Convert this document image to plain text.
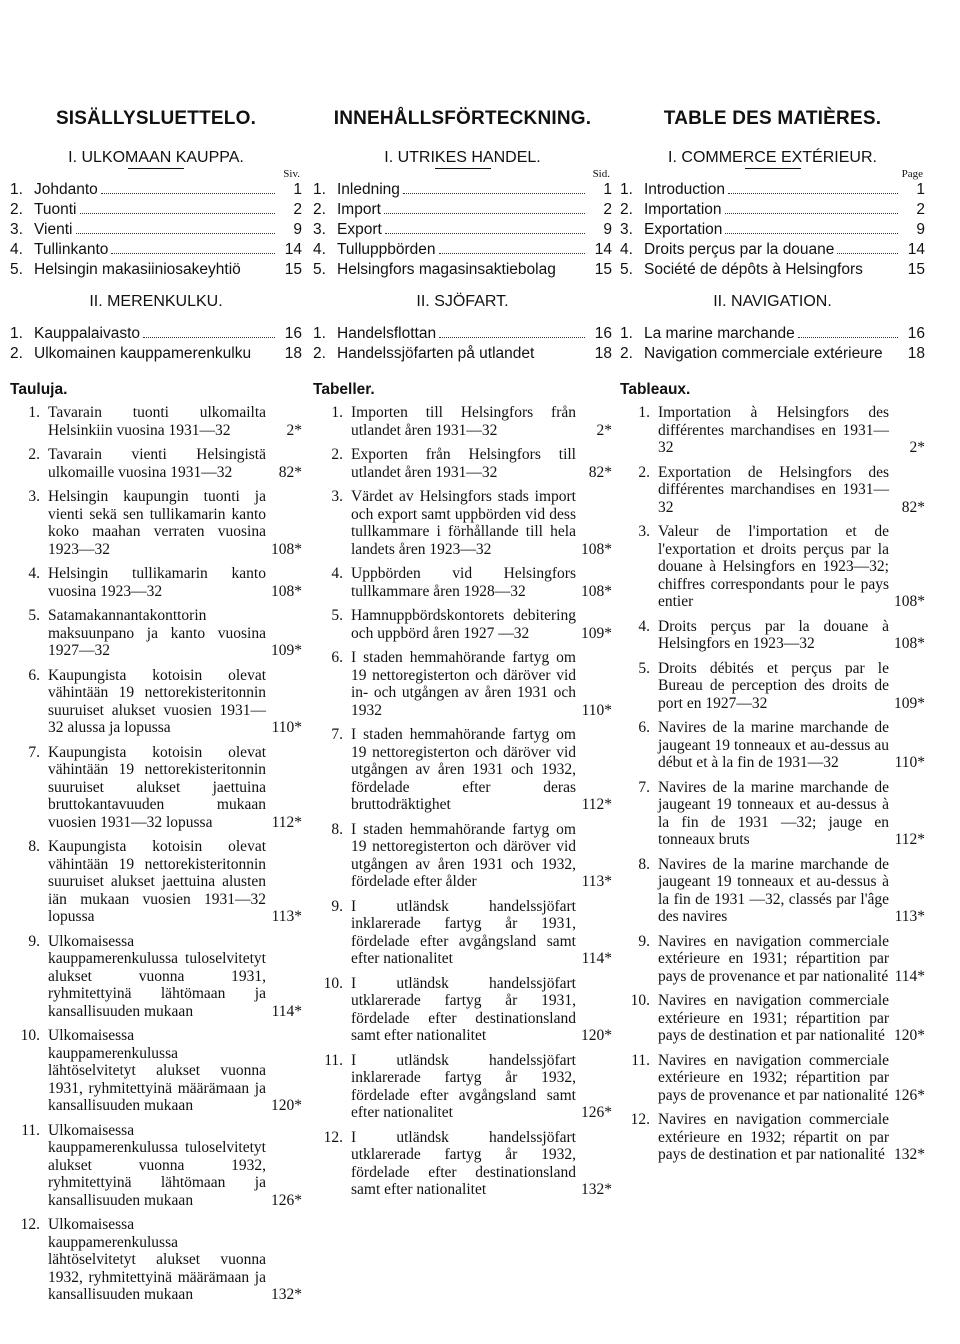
SISÄLLYSLUETTELO.
I. ULKOMAAN KAUPPA.
Siv.
1. Johdanto	1
2. Tuonti	2
3. Vienti	9
4. Tullinkanto	14
5. Helsingin makasiiniosakeyhtiö	15
II. MERENKULKU.
1. Kauppalaivasto	16
2. Ulkomainen kauppamerenkulku	18
Tauluja.
1. Tavarain tuonti ulkomailta Helsinkiin vuosina 1931—32	2*
2. Tavarain vienti Helsingistä ulkomaille vuosina 1931—32	82*
3. Helsingin kaupungin tuonti ja vienti sekä sen tullikamarin kanto koko maahan verraten vuosina 1923—32	108*
4. Helsingin tullikamarin kanto vuosina 1923—32	108*
5. Satamakannantakonttorin maksuunpano ja kanto vuosina 1927—32	109*
6. Kaupungista kotoisin olevat vähintään 19 nettorekisteritonnin suuruiset alukset vuosien 1931—32 alussa ja lopussa	110*
7. Kaupungista kotoisin olevat vähintään 19 nettorekisteritonnin suuruiset alukset jaettuina bruttokantavuuden mukaan vuosien 1931—32 lopussa	112*
8. Kaupungista kotoisin olevat vähintään 19 nettorekisteritonnin suuruiset alukset jaettuina alusten iän mukaan vuosien 1931—32 lopussa	113*
9. Ulkomaisessa kauppamerenkulussa tuloselvitetyt alukset vuonna 1931, ryhmitettyinä lähtömaan ja kansallisuuden mukaan	114*
10. Ulkomaisessa kauppamerenkulussa lähtöselvitetyt alukset vuonna 1931, ryhmitettyinä määrämaan ja kansallisuuden mukaan	120*
11. Ulkomaisessa kauppamerenkulussa tuloselvitetyt alukset vuonna 1932, ryhmitettyinä lähtömaan ja kansallisuuden mukaan	126*
12. Ulkomaisessa kauppamerenkulussa lähtöselvitetyt alukset vuonna 1932, ryhmitettyinä määrämaan ja kansallisuuden mukaan	132*
INNEHÅLLSFÖRTECKNING.
I. UTRIKES HANDEL.
Sid.
1. Inledning	1
2. Import	2
3. Export	9
4. Tulluppbörden	14
5. Helsingfors magasinsaktiebolag	15
II. SJÖFART.
1. Handelsflottan	16
2. Handelssjöfarten på utlandet	18
Tabeller.
1. Importen till Helsingfors från utlandet åren 1931—32	2*
2. Exporten från Helsingfors till utlandet åren 1931—32	82*
3. Värdet av Helsingfors stads import och export samt uppbörden vid dess tullkammare i förhållande till hela landets åren 1923—32	108*
4. Uppbörden vid Helsingfors tullkammare åren 1928—32	108*
5. Hamnuppbördskontorets debitering och uppbörd åren 1927 —32	109*
6. I staden hemmahörande fartyg om 19 nettoregisterton och däröver vid in- och utgången av åren 1931 och 1932	110*
7. I staden hemmahörande fartyg om 19 nettoregisterton och däröver vid utgången av åren 1931 och 1932, fördelade efter deras bruttodräktighet	112*
8. I staden hemmahörande fartyg om 19 nettoregisterton och däröver vid utgången av åren 1931 och 1932, fördelade efter ålder	113*
9. I utländsk handelssjöfart inklarerade fartyg år 1931, fördelade efter avgångsland samt efter nationalitet	114*
10. I utländsk handelssjöfart utklarerade fartyg år 1931, fördelade efter destinationsland samt efter nationalitet	120*
11. I utländsk handelssjöfart inklarerade fartyg år 1932, fördelade efter avgångsland samt efter nationalitet	126*
12. I utländsk handelssjöfart utklarerade fartyg år 1932, fördelade efter destinationsland samt efter nationalitet	132*
TABLE DES MATIÈRES.
I. COMMERCE EXTÉRIEUR.
Page
1. Introduction	1
2. Importation	2
3. Exportation	9
4. Droits perçus par la douane	14
5. Société de dépôts à Helsingfors	15
II. NAVIGATION.
1. La marine marchande	16
2. Navigation commerciale extérieure	18
Tableaux.
1. Importation à Helsingfors des différentes marchandises en 1931—32	2*
2. Exportation de Helsingfors des différentes marchandises en 1931—32	82*
3. Valeur de l'importation et de l'exportation et droits perçus par la douane à Helsingfors en 1923—32; chiffres correspondants pour le pays entier	108*
4. Droits perçus par la douane à Helsingfors en 1923—32	108*
5. Droits débités et perçus par le Bureau de perception des droits de port en 1927—32	109*
6. Navires de la marine marchande de jaugeant 19 tonneaux et au-dessus au début et à la fin de 1931—32	110*
7. Navires de la marine marchande de jaugeant 19 tonneaux et au-dessus à la fin de 1931 —32; jauge en tonneaux bruts	112*
8. Navires de la marine marchande de jaugeant 19 tonneaux et au-dessus à la fin de 1931 —32, classés par l'âge des navires	113*
9. Navires en navigation commerciale extérieure en 1931; répartition par pays de provenance et par nationalité 114*
10. Navires en navigation commerciale extérieure en 1931; répartition par pays de destination et par nationalité 120*
11. Navires en navigation commerciale extérieure en 1932; répartition par pays de provenance et par nationalité 126*
12. Navires en navigation commerciale extérieure en 1932; répartit on par pays de destination et par nationalité 132*
